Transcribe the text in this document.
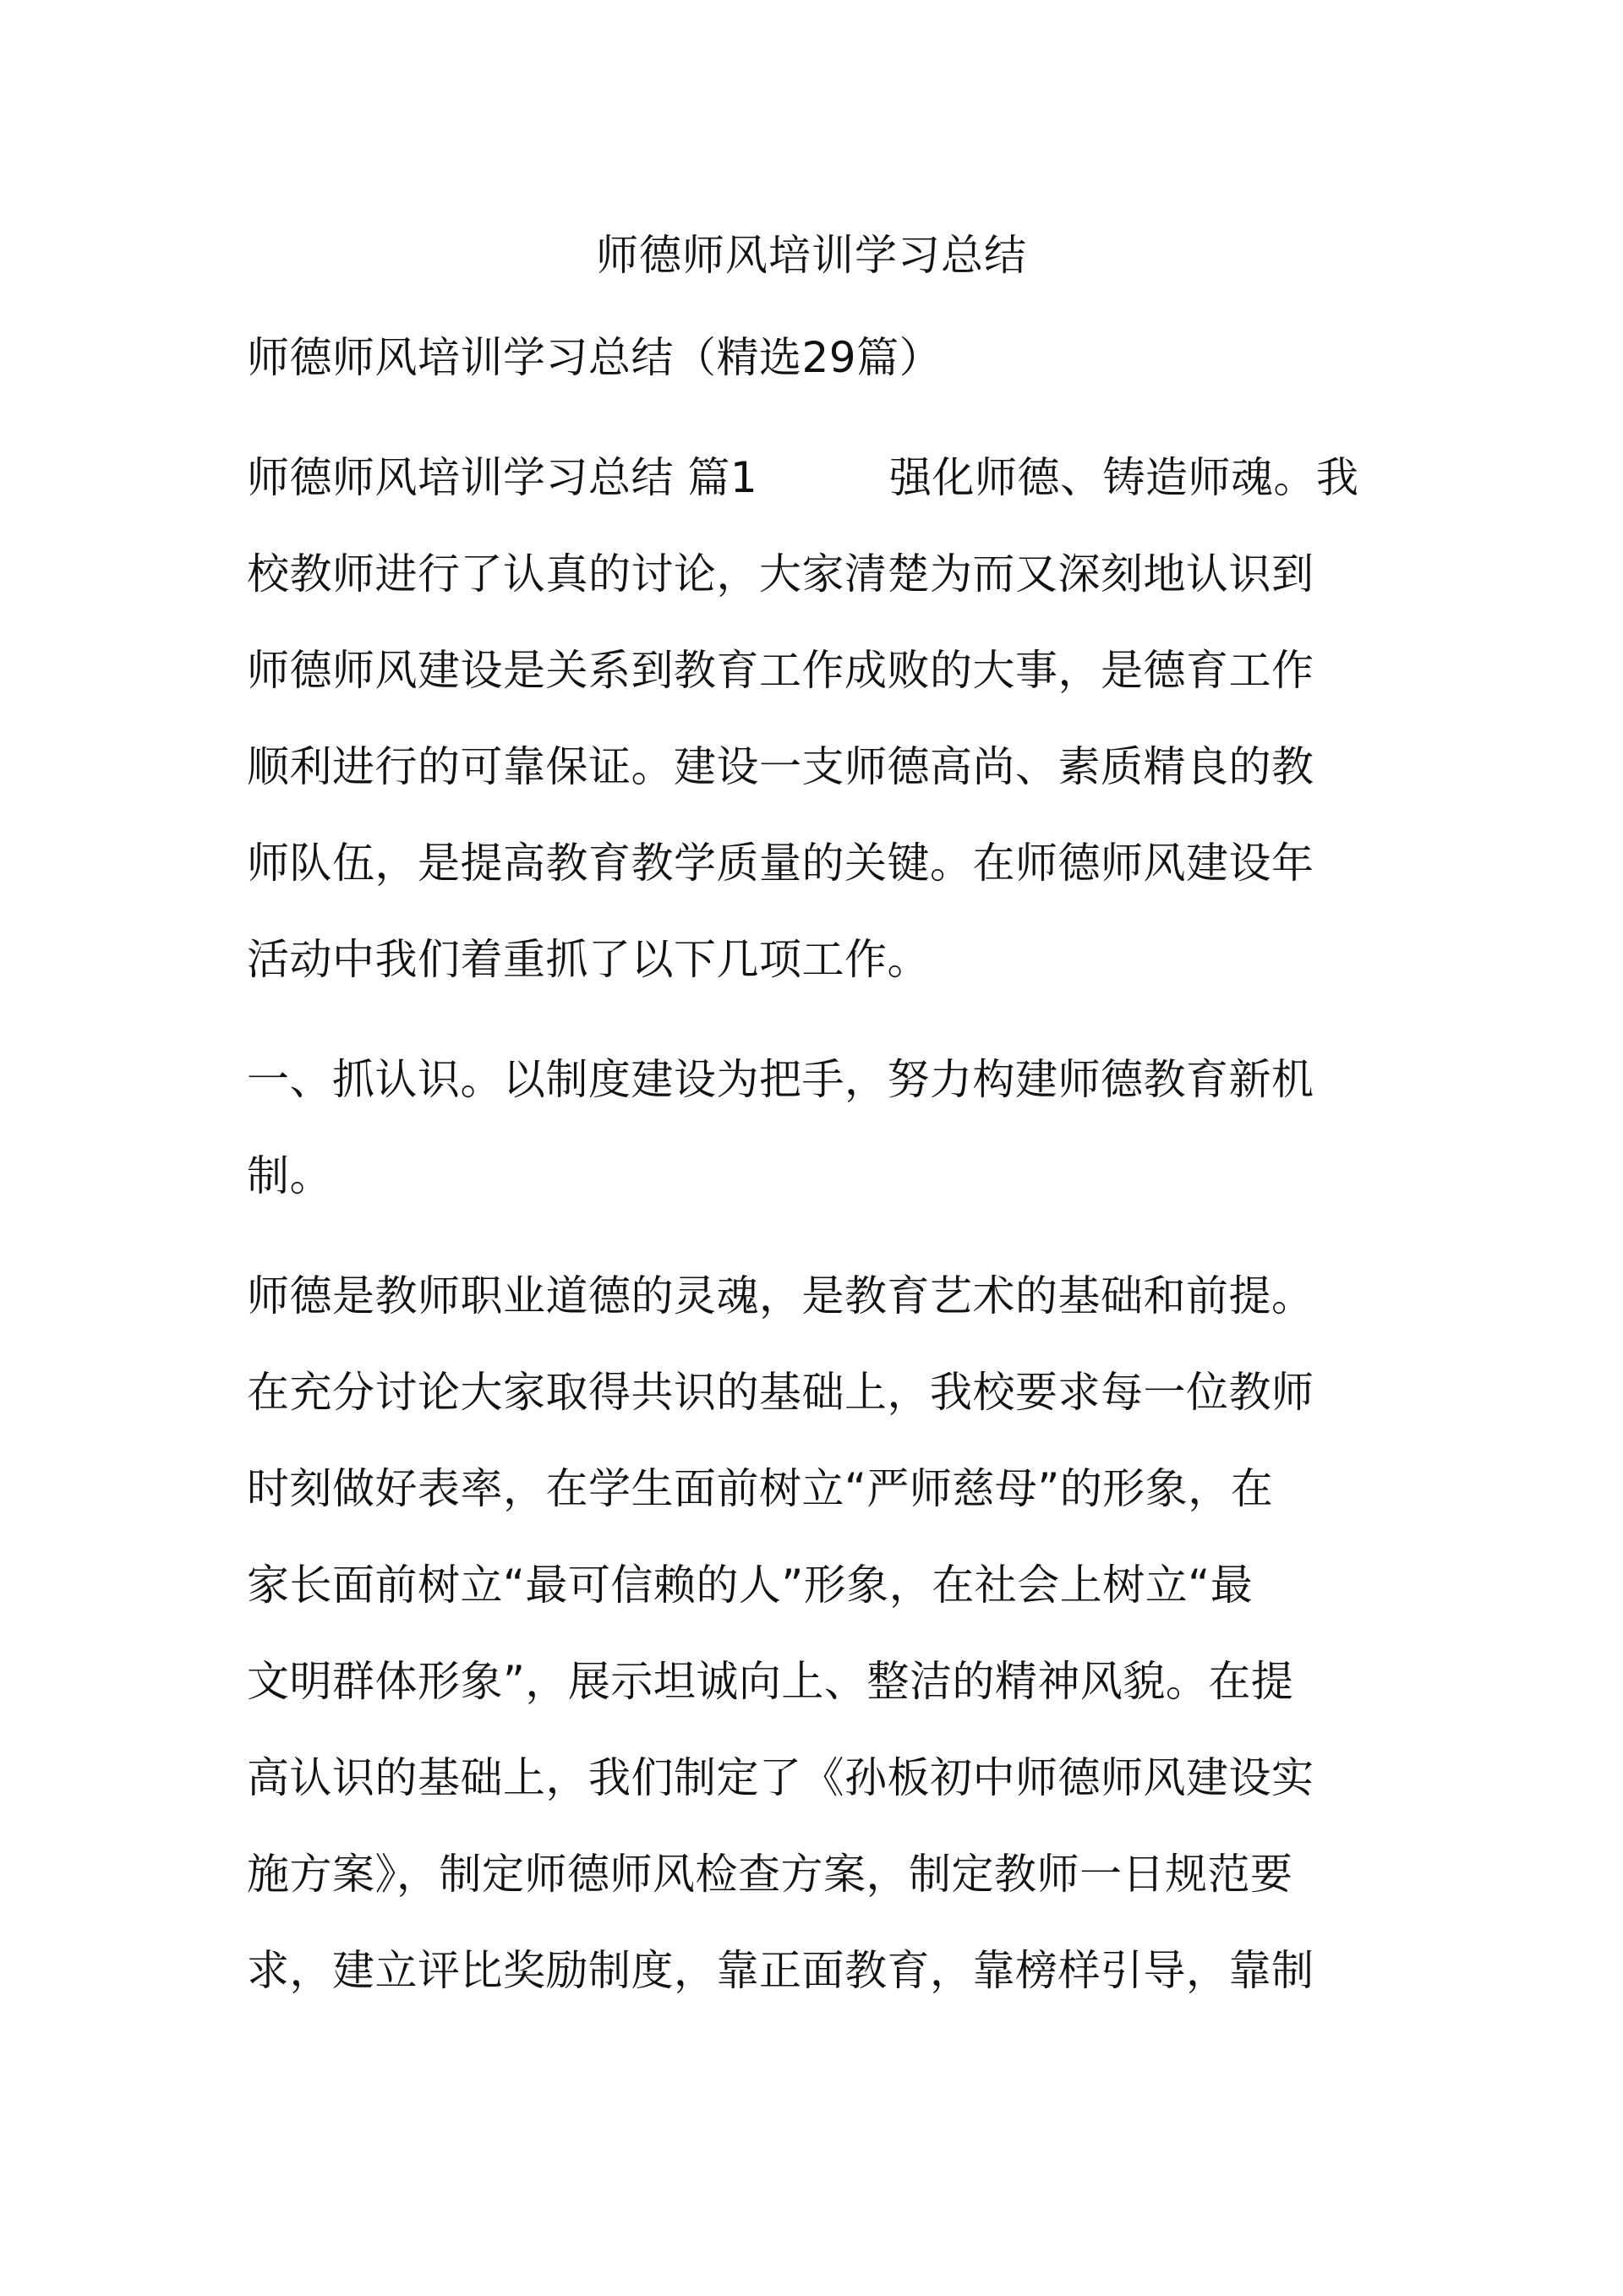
师德师风培训学习总结

师德师风培训学习总结（精选29篇）

师德师风培训学习总结 篇1	强化师德、铸造师魂。我

校教师进行了认真的讨论，大家清楚为而又深刻地认识到

师德师风建设是关系到教育工作成败的大事，是德育工作

顺利进行的可靠保证。建设一支师德高尚、素质精良的教

师队伍，是提高教育教学质量的关键。在师德师风建设年

活动中我们着重抓了以下几项工作。

一、抓认识。以制度建设为把手，努力构建师德教育新机

制。

师德是教师职业道德的灵魂，是教育艺术的基础和前提。

在充分讨论大家取得共识的基础上，我校要求每一位教师

时刻做好表率，在学生面前树立“严师慈母”的形象，在

家长面前树立“最可信赖的人”形象，在社会上树立“最

文明群体形象”，展示坦诚向上、整洁的精神风貌。在提

高认识的基础上，我们制定了《孙板初中师德师风建设实

施方案》，制定师德师风检查方案，制定教师一日规范要

求，建立评比奖励制度，靠正面教育，靠榜样引导，靠制
